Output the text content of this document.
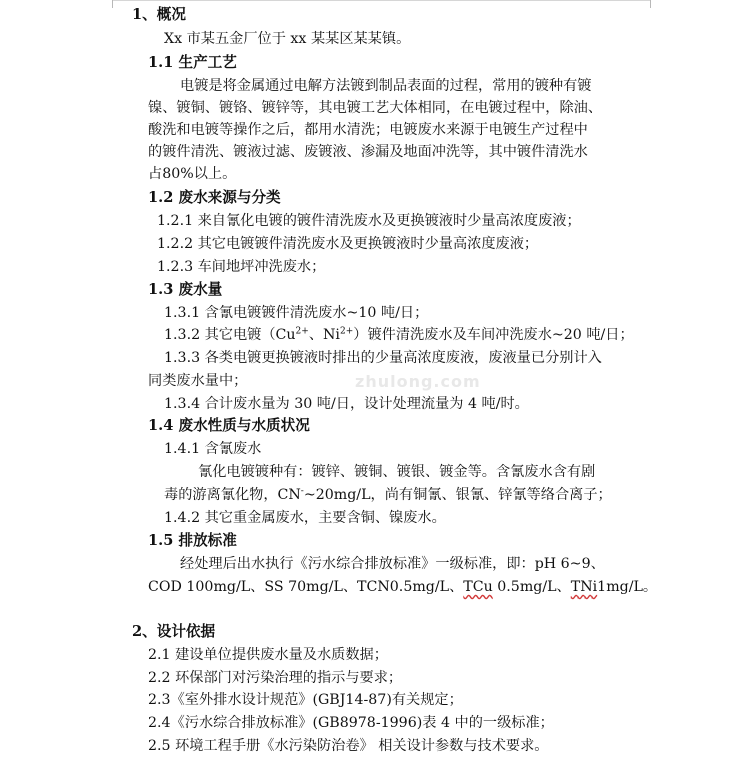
zhulong.com
1、概况
Xx 市某五金厂位于 xx 某某区某某镇。
1.1 生产工艺
电镀是将金属通过电解方法镀到制品表面的过程，常用的镀种有镀
镍、镀铜、镀铬、镀锌等，其电镀工艺大体相同，在电镀过程中，除油、
酸洗和电镀等操作之后，都用水清洗；电镀废水来源于电镀生产过程中
的镀件清洗、镀液过滤、废镀液、渗漏及地面冲洗等，其中镀件清洗水
占80%以上。
1.2 废水来源与分类
1.2.1 来自氰化电镀的镀件清洗废水及更换镀液时少量高浓度废液；
1.2.2 其它电镀镀件清洗废水及更换镀液时少量高浓度废液；
1.2.3 车间地坪冲洗废水；
1.3 废水量
1.3.1 含氰电镀镀件清洗废水~10 吨/日；
1.3.2 其它电镀（$Cu^{2+}$、$Ni^{2+}$）镀件清洗废水及车间冲洗废水~20 吨/日；
1.3.3 各类电镀更换镀液时排出的少量高浓度废液，废液量已分别计入
同类废水量中；
1.3.4 合计废水量为 30 吨/日，设计处理流量为 4 吨/时。
1.4 废水性质与水质状况
1.4.1 含氰废水
氰化电镀镀种有：镀锌、镀铜、镀银、镀金等。含氰废水含有剧
毒的游离氰化物，CN-~20mg/L，尚有铜氰、银氰、锌氰等络合离子；
1.4.2 其它重金属废水，主要含铜、镍废水。
1.5 排放标准
经处理后出水执行《污水综合排放标准》一级标准，即：pH 6~9、
COD 100mg/L、SS 70mg/L、TCN0.5mg/L、TCu 0.5mg/L、TNi1mg/L。
2、设计依据
2.1 建设单位提供废水量及水质数据；
2.2 环保部门对污染治理的指示与要求；
2.3《室外排水设计规范》(GBJ14-87)有关规定；
2.4《污水综合排放标准》(GB8978-1996)表 4 中的一级标准；
2.5 环境工程手册《水污染防治卷》 相关设计参数与技术要求。
